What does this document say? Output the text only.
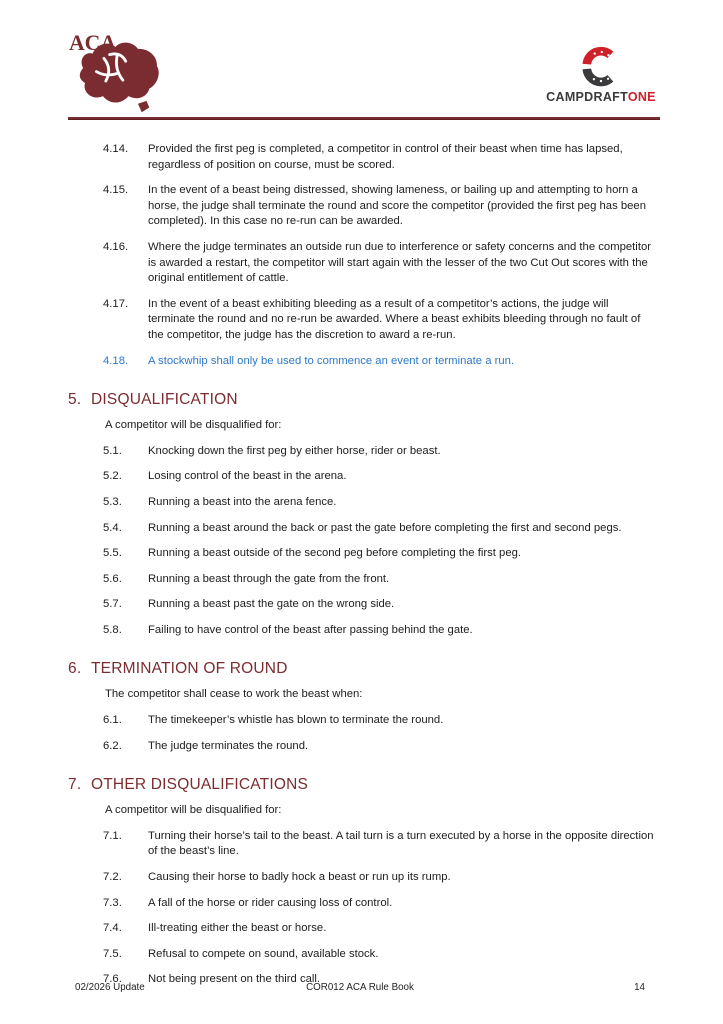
ACA
CAMPDRAFTONE
4.14.	Provided the first peg is completed, a competitor in control of their beast when time has lapsed, regardless of position on course, must be scored.
4.15.	In the event of a beast being distressed, showing lameness, or bailing up and attempting to horn a horse, the judge shall terminate the round and score the competitor (provided the first peg has been completed). In this case no re-run can be awarded.
4.16.	Where the judge terminates an outside run due to interference or safety concerns and the competitor is awarded a restart, the competitor will start again with the lesser of the two Cut Out scores with the original entitlement of cattle.
4.17.	In the event of a beast exhibiting bleeding as a result of a competitor’s actions, the judge will terminate the round and no re-run be awarded. Where a beast exhibits bleeding through no fault of the competitor, the judge has the discretion to award a re-run.
4.18.	A stockwhip shall only be used to commence an event or terminate a run.
5. DISQUALIFICATION
A competitor will be disqualified for:
5.1.	Knocking down the first peg by either horse, rider or beast.
5.2.	Losing control of the beast in the arena.
5.3.	Running a beast into the arena fence.
5.4.	Running a beast around the back or past the gate before completing the first and second pegs.
5.5.	Running a beast outside of the second peg before completing the first peg.
5.6.	Running a beast through the gate from the front.
5.7.	Running a beast past the gate on the wrong side.
5.8.	Failing to have control of the beast after passing behind the gate.
6. TERMINATION OF ROUND
The competitor shall cease to work the beast when:
6.1.	The timekeeper’s whistle has blown to terminate the round.
6.2.	The judge terminates the round.
7. OTHER DISQUALIFICATIONS
A competitor will be disqualified for:
7.1.	Turning their horse’s tail to the beast. A tail turn is a turn executed by a horse in the opposite direction of the beast’s line.
7.2.	Causing their horse to badly hock a beast or run up its rump.
7.3.	A fall of the horse or rider causing loss of control.
7.4.	Ill-treating either the beast or horse.
7.5.	Refusal to compete on sound, available stock.
7.6.	Not being present on the third call.
02/2026 Update	COR012 ACA Rule Book	14
